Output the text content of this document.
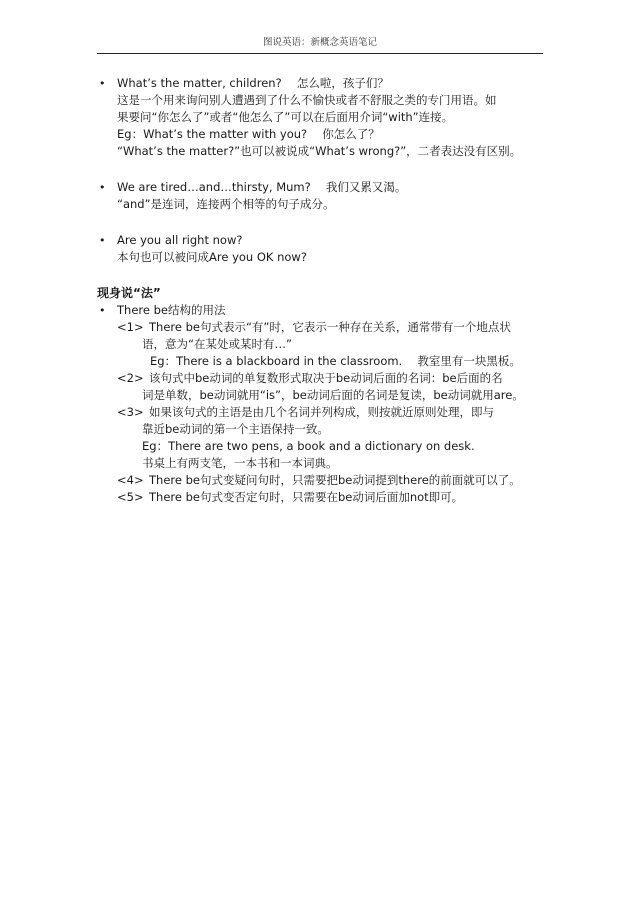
图说英语：新概念英语笔记
• What’s the matter, children?　 怎么啦，孩子们？
这是一个用来询问别人遭遇到了什么不愉快或者不舒服之类的专门用语。如
果要问“你怎么了”或者“他怎么了”可以在后面用介词“with”连接。
Eg：What’s the matter with you?　 你怎么了？
“What’s the matter?”也可以被说成“What’s wrong?”，二者表达没有区别。
• We are tired…and…thirsty, Mum?　 我们又累又渴。
“and”是连词，连接两个相等的句子成分。
• Are you all right now?
本句也可以被问成Are you OK now?
现身说“法”
• There be结构的用法
<1> There be句式表示“有”时，它表示一种存在关系，通常带有一个地点状
语，意为“在某处或某时有…”
Eg：There is a blackboard in the classroom.　 教室里有一块黑板。
<2> 该句式中be动词的单复数形式取决于be动词后面的名词：be后面的名
词是单数，be动词就用“is”，be动词后面的名词是复读，be动词就用are。
<3> 如果该句式的主语是由几个名词并列构成，则按就近原则处理，即与
靠近be动词的第一个主语保持一致。
Eg：There are two pens, a book and a dictionary on desk.
书桌上有两支笔，一本书和一本词典。
<4> There be句式变疑问句时，只需要把be动词提到there的前面就可以了。
<5> There be句式变否定句时，只需要在be动词后面加not即可。
